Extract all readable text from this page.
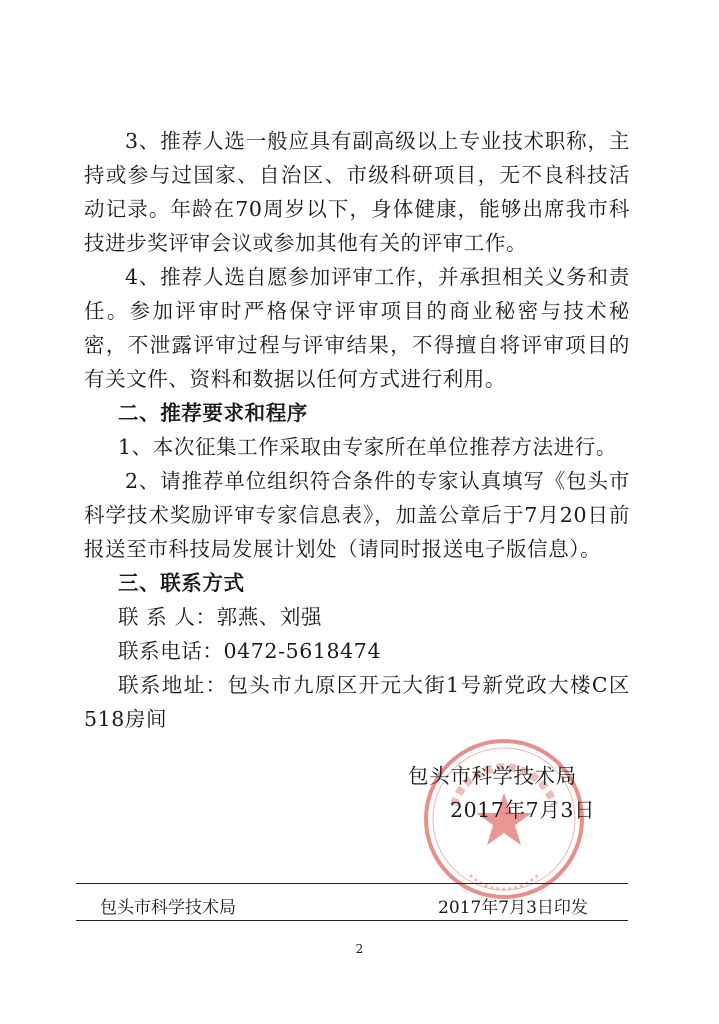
3、推荐人选一般应具有副高级以上专业技术职称，主持或参与过国家、自治区、市级科研项目，无不良科技活动记录。年龄在70周岁以下，身体健康，能够出席我市科技进步奖评审会议或参加其他有关的评审工作。

4、推荐人选自愿参加评审工作，并承担相关义务和责任。参加评审时严格保守评审项目的商业秘密与技术秘密，不泄露评审过程与评审结果，不得擅自将评审项目的有关文件、资料和数据以任何方式进行利用。

二、推荐要求和程序

1、本次征集工作采取由专家所在单位推荐方法进行。

2、请推荐单位组织符合条件的专家认真填写《包头市科学技术奖励评审专家信息表》，加盖公章后于7月20日前报送至市科技局发展计划处（请同时报送电子版信息）。

三、联系方式

联 系 人：郭燕、刘强

联系电话：0472-5618474

联系地址：包头市九原区开元大街1号新党政大楼C区518房间

包头市科学技术局
2017年7月3日
包头市科学技术局	2017年7月3日印发
2
